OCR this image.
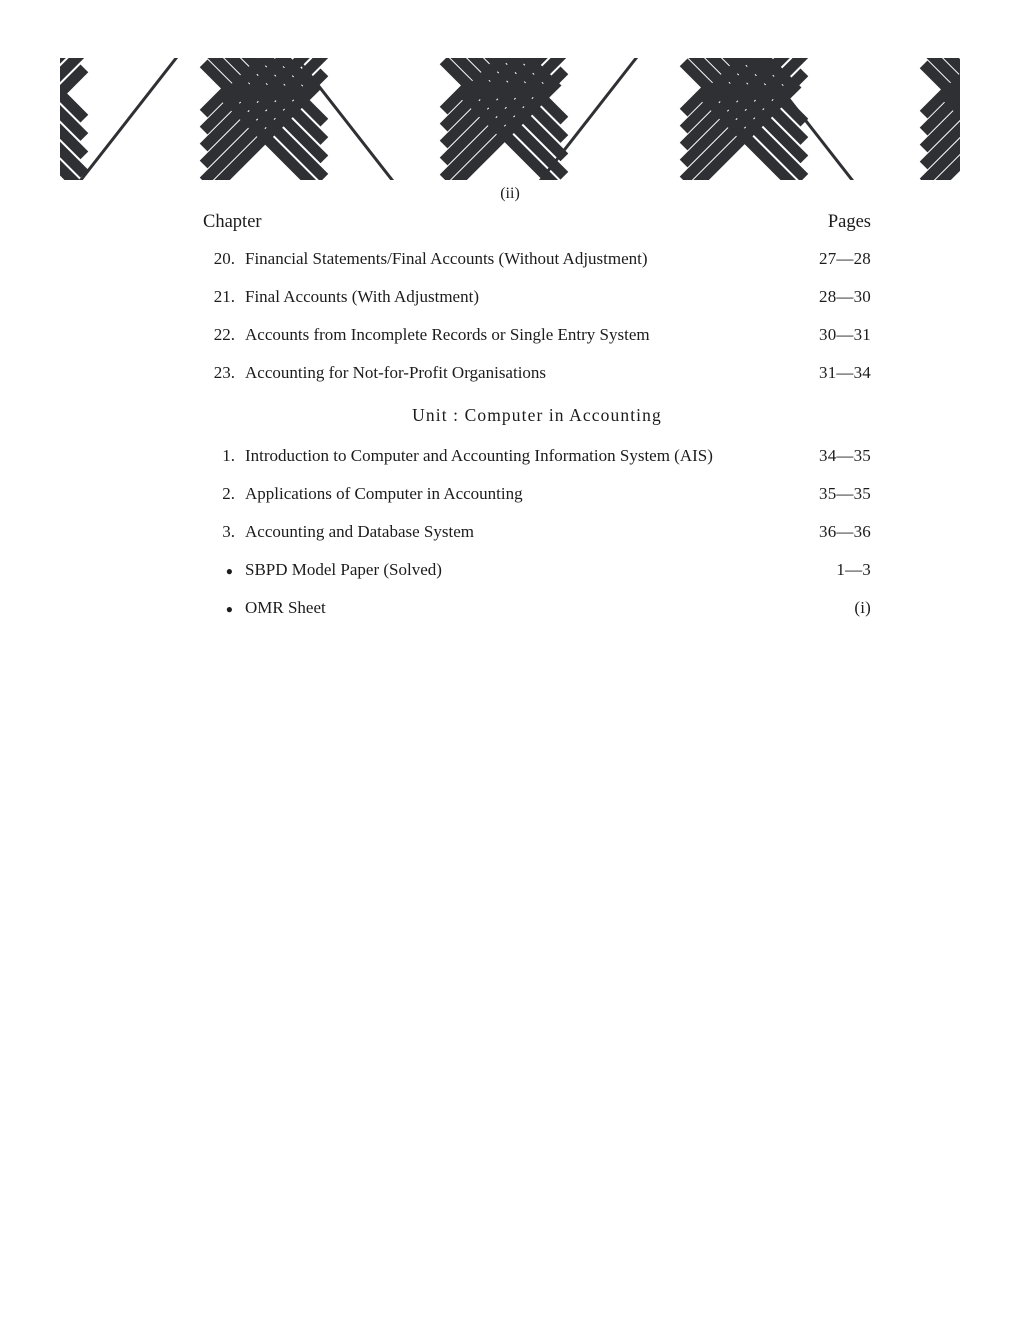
(ii)
Chapter	Pages
20. Financial Statements/Final Accounts (Without Adjustment)	27—28
21. Final Accounts (With Adjustment)	28—30
22. Accounts from Incomplete Records or Single Entry System	30—31
23. Accounting for Not-for-Profit Organisations	31—34
Unit : Computer in Accounting
1. Introduction to Computer and Accounting Information System (AIS)	34—35
2. Applications of Computer in Accounting	35—35
3. Accounting and Database System	36—36
● SBPD Model Paper (Solved)	1—3
● OMR Sheet	(i)
